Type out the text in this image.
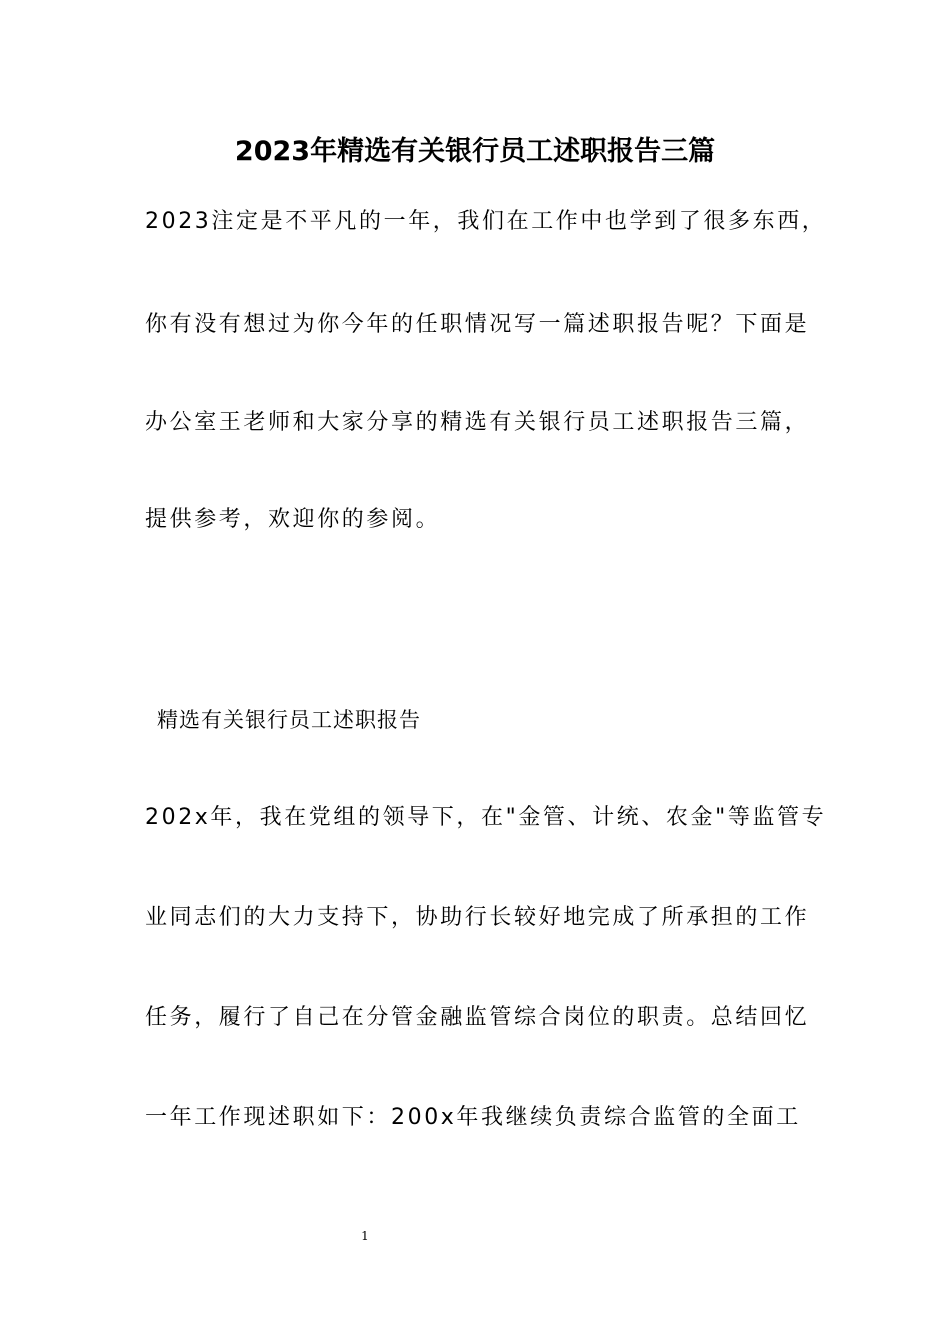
2023年精选有关银行员工述职报告三篇
2023注定是不平凡的一年，我们在工作中也学到了很多东西，
你有没有想过为你今年的任职情况写一篇述职报告呢？下面是
办公室王老师和大家分享的精选有关银行员工述职报告三篇，
提供参考，欢迎你的参阅。
精选有关银行员工述职报告
202x年，我在党组的领导下，在"金管、计统、农金"等监管专
业同志们的大力支持下，协助行长较好地完成了所承担的工作
任务，履行了自己在分管金融监管综合岗位的职责。总结回忆
一年工作现述职如下：200x年我继续负责综合监管的全面工
1
